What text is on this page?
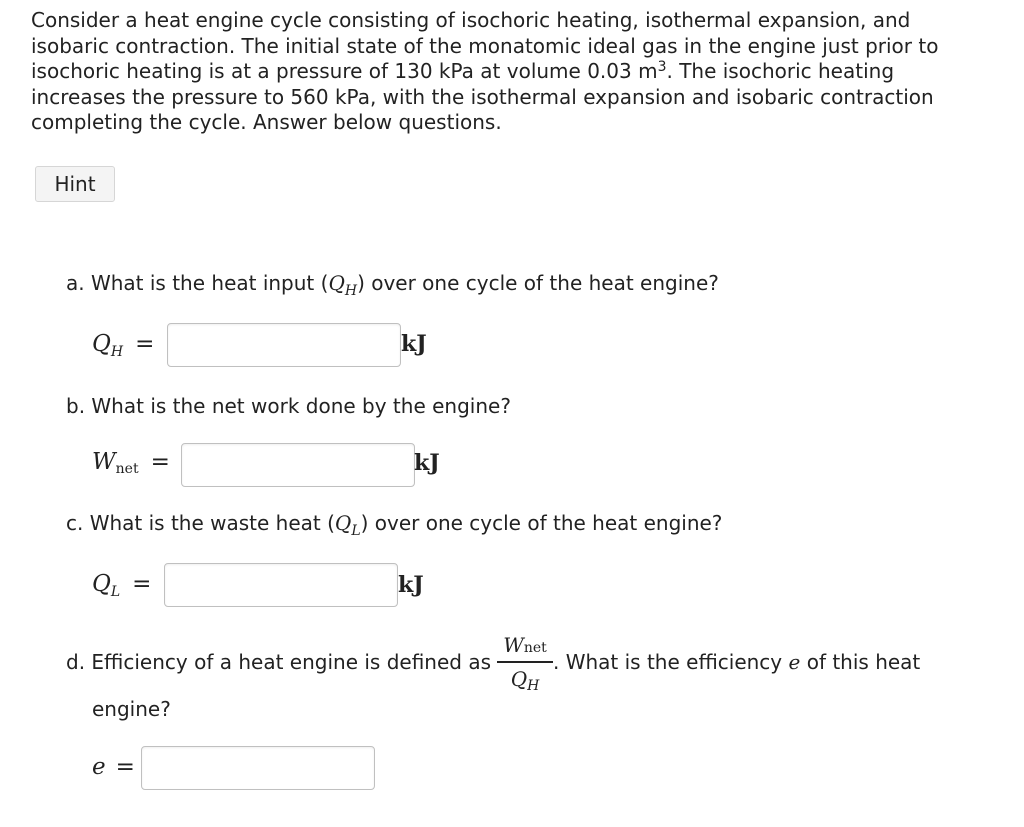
Consider a heat engine cycle consisting of isochoric heating, isothermal expansion, and isobaric contraction. The initial state of the monatomic ideal gas in the engine just prior to isochoric heating is at a pressure of 130 kPa at volume 0.03 $m^3$. The isochoric heating increases the pressure to 560 kPa, with the isothermal expansion and isobaric contraction completing the cycle. Answer below questions.

Hint

a. What is the heat input $(Q_H)$ over one cycle of the heat engine?

$Q_H$ =	kJ

b. What is the net work done by the engine?

Wnet =	kJ

c. What is the waste heat $(Q_L)$ over one cycle of the heat engine?

$Q_L$ =	kJ

d. Efficiency of a heat engine is defined as

Wnet
$Q_H$

. What is the efficiency e of this heat

engine?

e =
